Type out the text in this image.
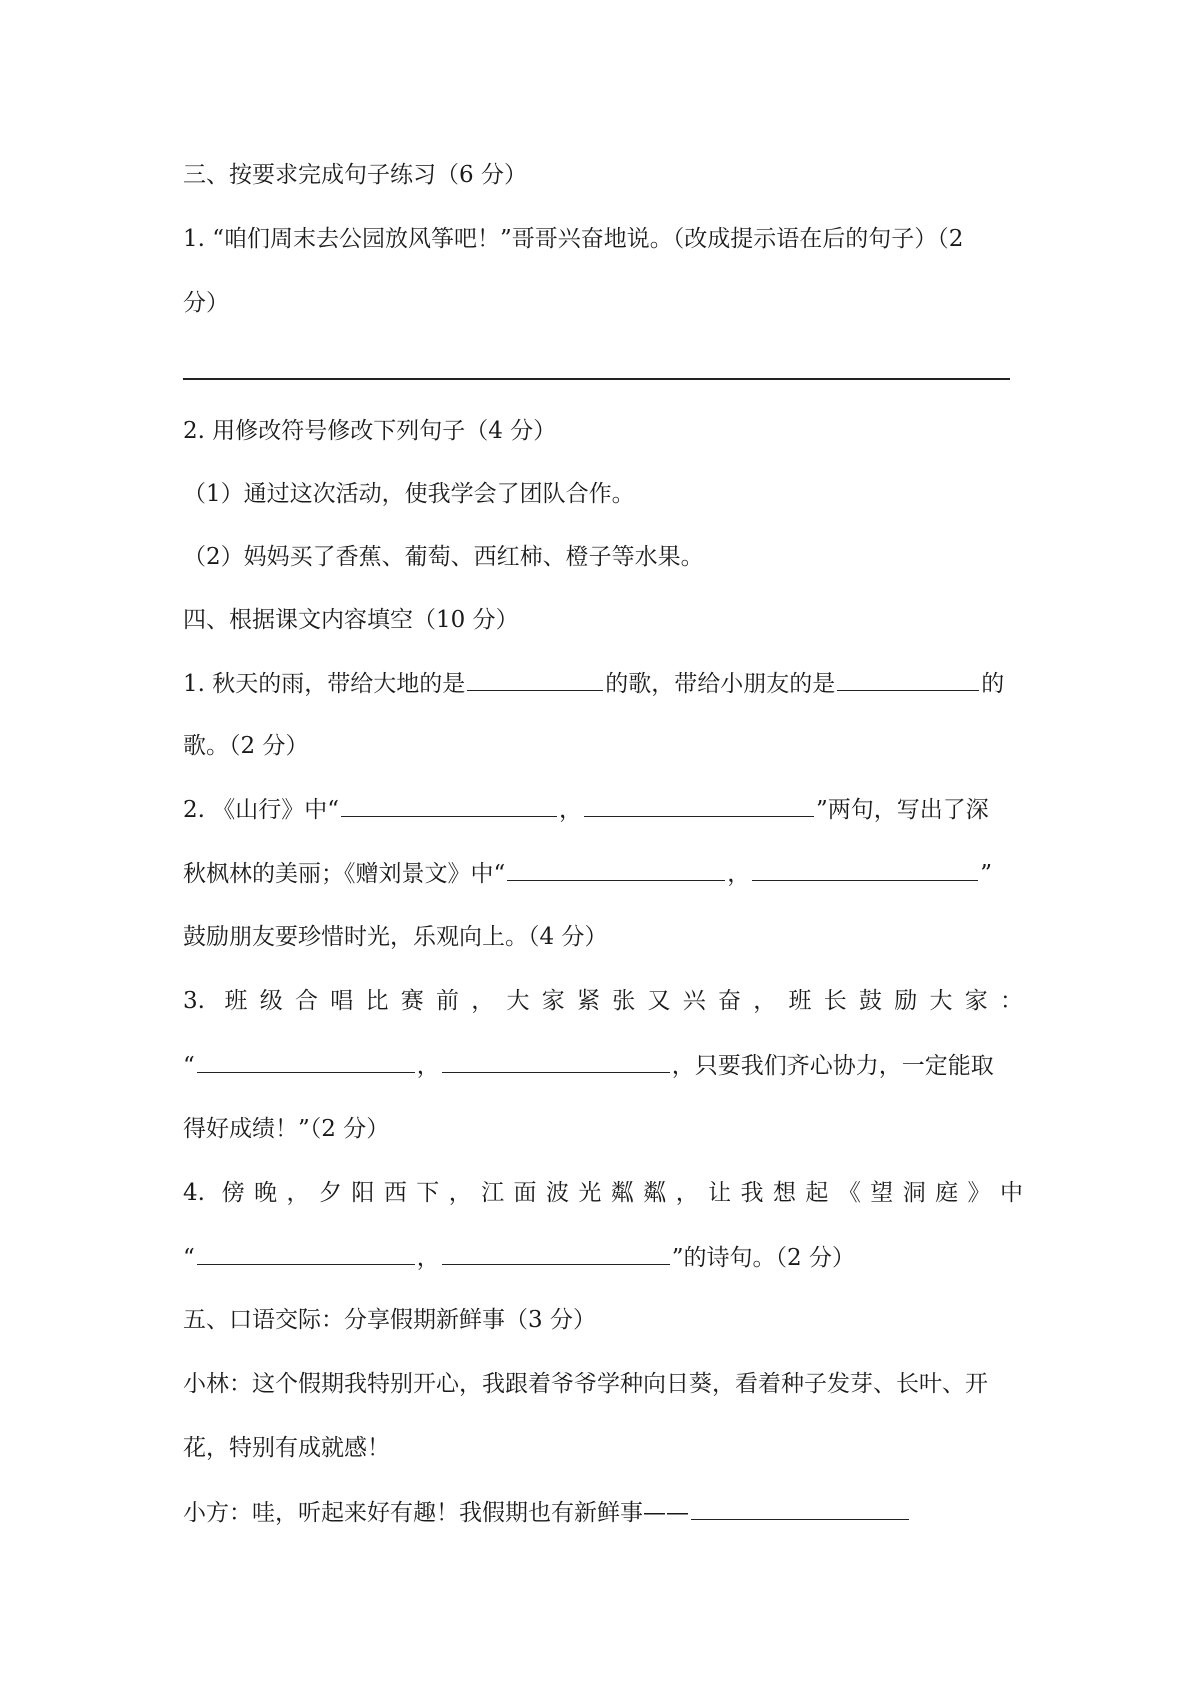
三、按要求完成句子练习（6 分）
1. “咱们周末去公园放风筝吧！”哥哥兴奋地说。（改成提示语在后的句子）（2
分）
2. 用修改符号修改下列句子（4 分）
（1）通过这次活动，使我学会了团队合作。
（2）妈妈买了香蕉、葡萄、西红柿、橙子等水果。
四、根据课文内容填空（10 分）
1. 秋天的雨，带给大地的是	的歌，带给小朋友的是	的
歌。（2 分）
2. 《山行》中“	，	”两句，写出了深
秋枫林的美丽；《赠刘景文》中“	，	”
鼓励朋友要珍惜时光，乐观向上。（4 分）
3. 班级合唱比赛前，大家紧张又兴奋，班长鼓励大家：
“	，	，只要我们齐心协力，一定能取
得好成绩！”（2 分）
4. 傍晚，夕阳西下，江面波光粼粼，让我想起《望洞庭》中
“	，	”的诗句。（2 分）
五、口语交际：分享假期新鲜事（3 分）
小林：这个假期我特别开心，我跟着爷爷学种向日葵，看着种子发芽、长叶、开
花，特别有成就感！
小方：哇，听起来好有趣！我假期也有新鲜事——
